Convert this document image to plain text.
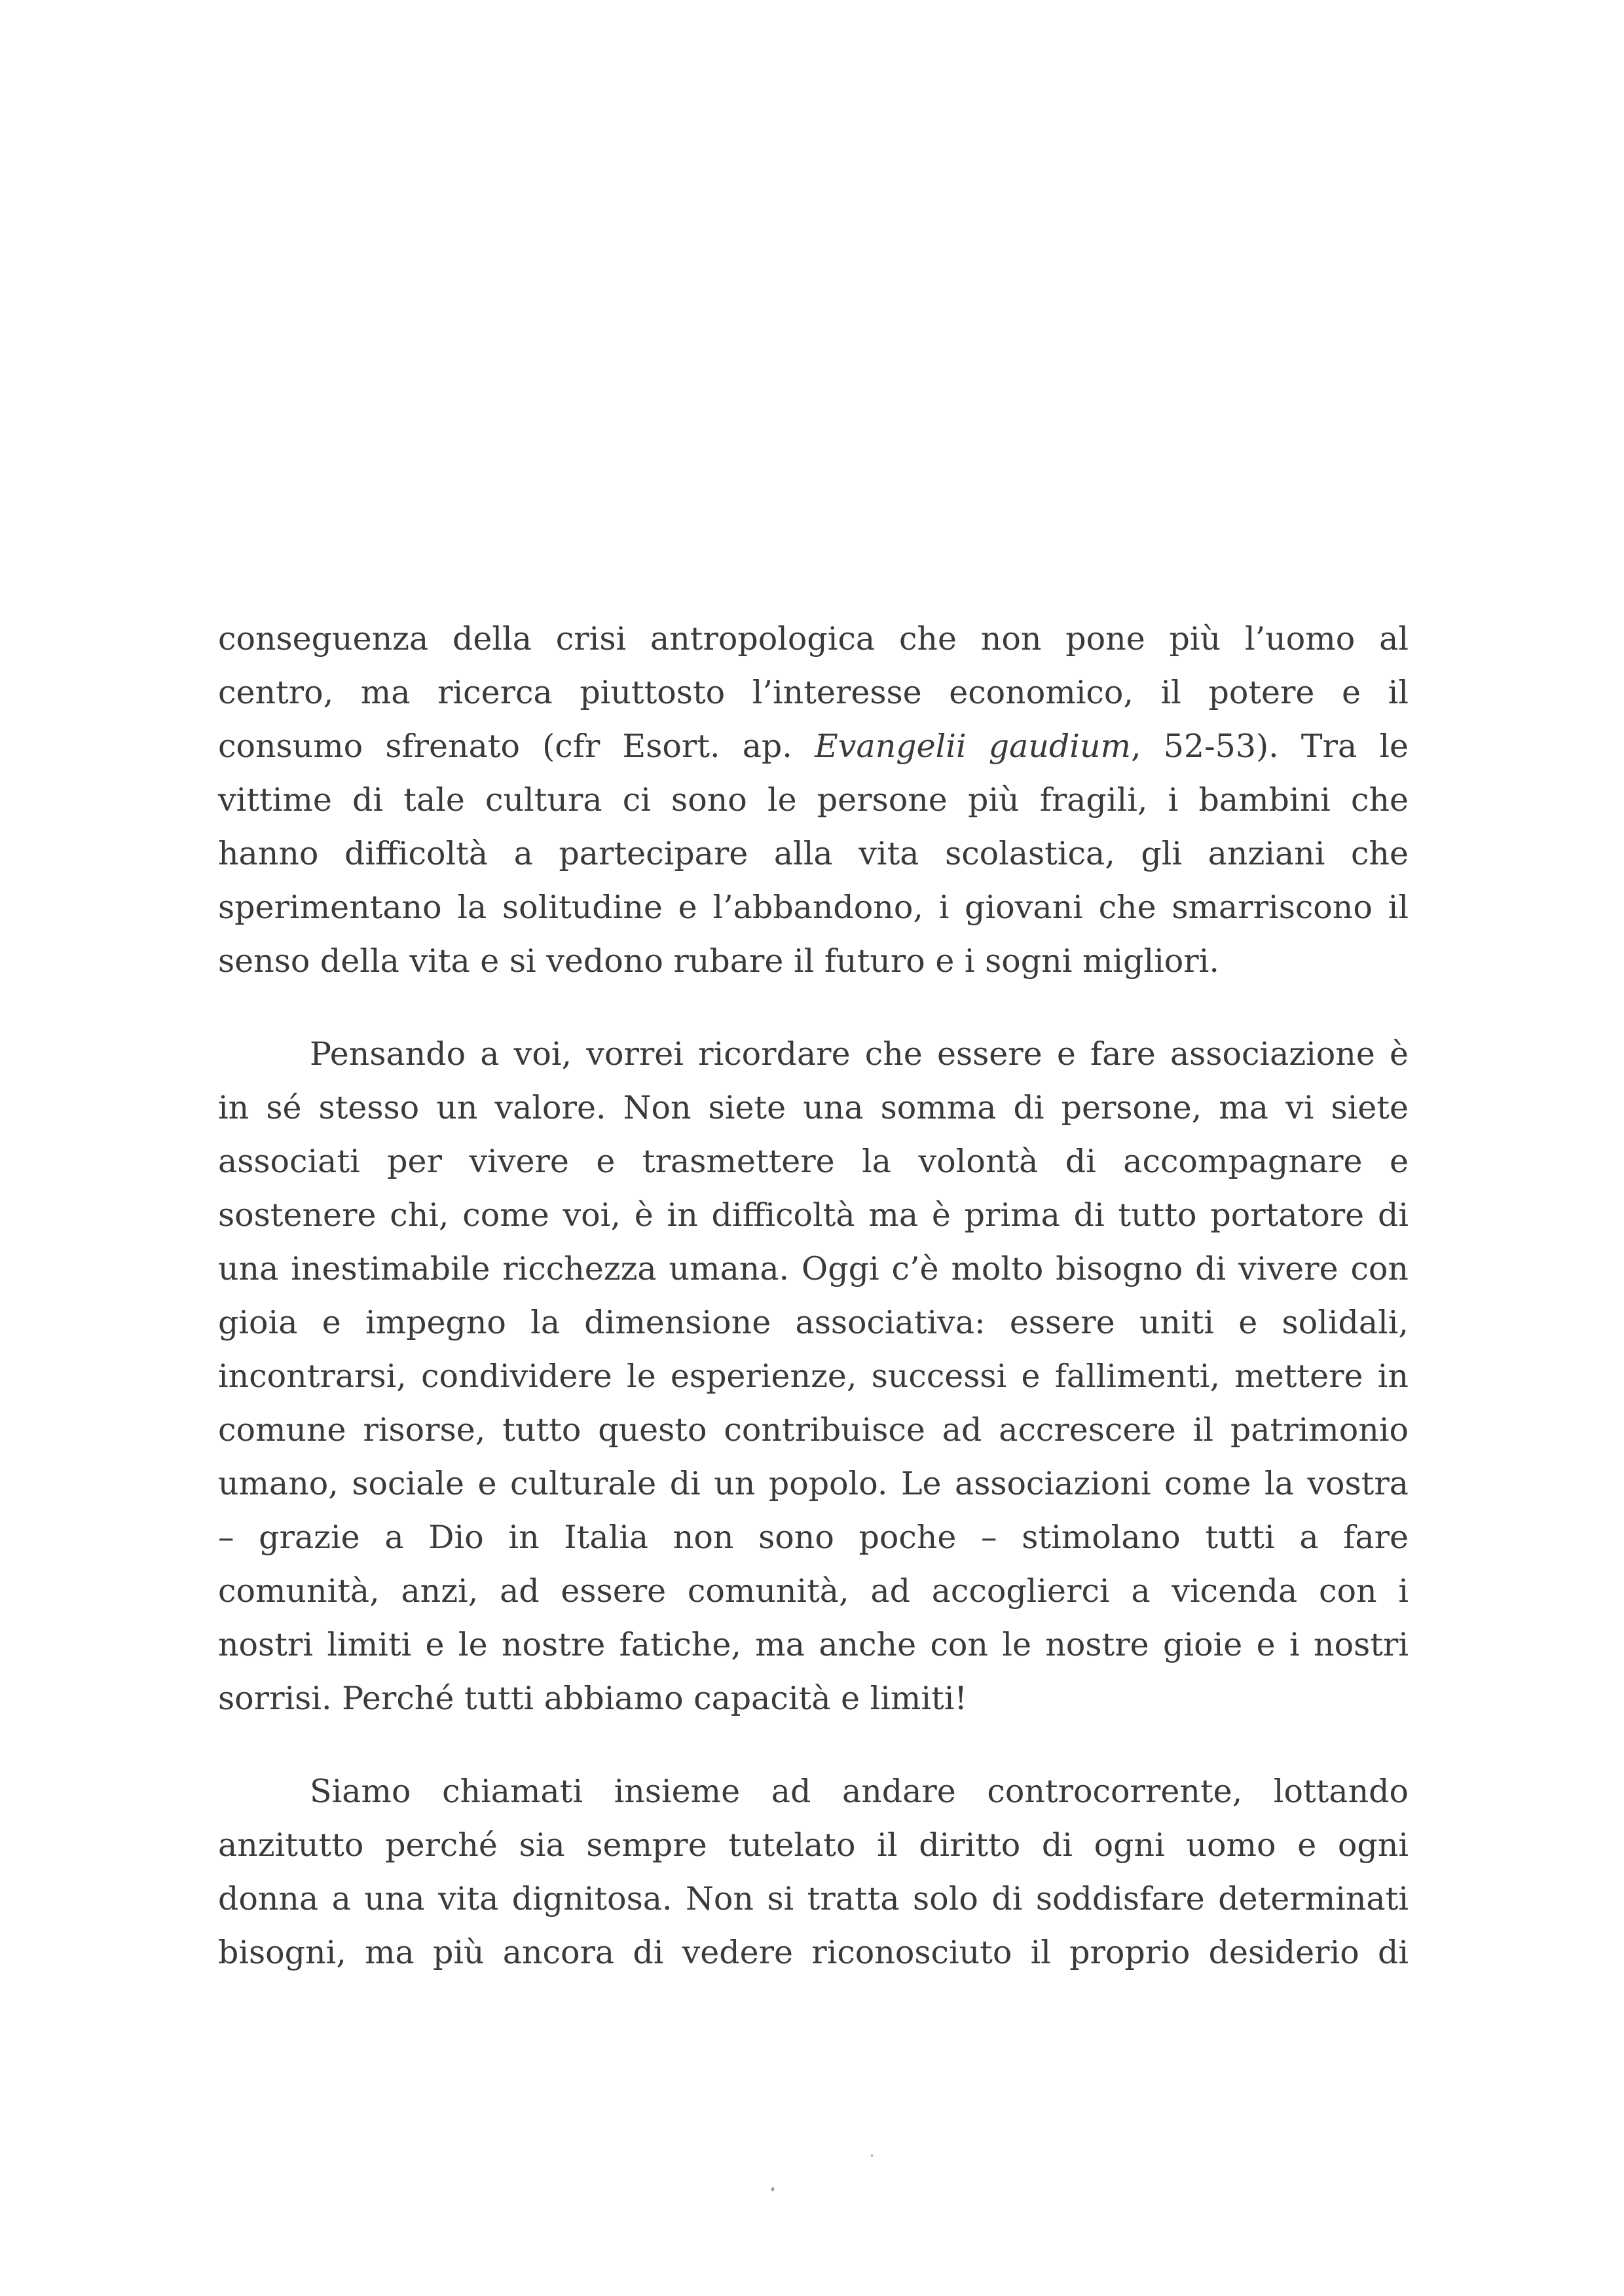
conseguenza della crisi antropologica che non pone più l’uomo al
centro, ma ricerca piuttosto l’interesse economico, il potere e il
consumo sfrenato (cfr Esort. ap. Evangelii gaudium, 52-53). Tra le
vittime di tale cultura ci sono le persone più fragili, i bambini che
hanno difficoltà a partecipare alla vita scolastica, gli anziani che
sperimentano la solitudine e l’abbandono, i giovani che smarriscono il
senso della vita e si vedono rubare il futuro e i sogni migliori.

Pensando a voi, vorrei ricordare che essere e fare associazione è
in sé stesso un valore. Non siete una somma di persone, ma vi siete
associati per vivere e trasmettere la volontà di accompagnare e
sostenere chi, come voi, è in difficoltà ma è prima di tutto portatore di
una inestimabile ricchezza umana. Oggi c’è molto bisogno di vivere con
gioia e impegno la dimensione associativa: essere uniti e solidali,
incontrarsi, condividere le esperienze, successi e fallimenti, mettere in
comune risorse, tutto questo contribuisce ad accrescere il patrimonio
umano, sociale e culturale di un popolo. Le associazioni come la vostra
– grazie a Dio in Italia non sono poche – stimolano tutti a fare
comunità, anzi, ad essere comunità, ad accoglierci a vicenda con i
nostri limiti e le nostre fatiche, ma anche con le nostre gioie e i nostri
sorrisi. Perché tutti abbiamo capacità e limiti!

Siamo chiamati insieme ad andare controcorrente, lottando
anzitutto perché sia sempre tutelato il diritto di ogni uomo e ogni
donna a una vita dignitosa. Non si tratta solo di soddisfare determinati
bisogni, ma più ancora di vedere riconosciuto il proprio desiderio di
